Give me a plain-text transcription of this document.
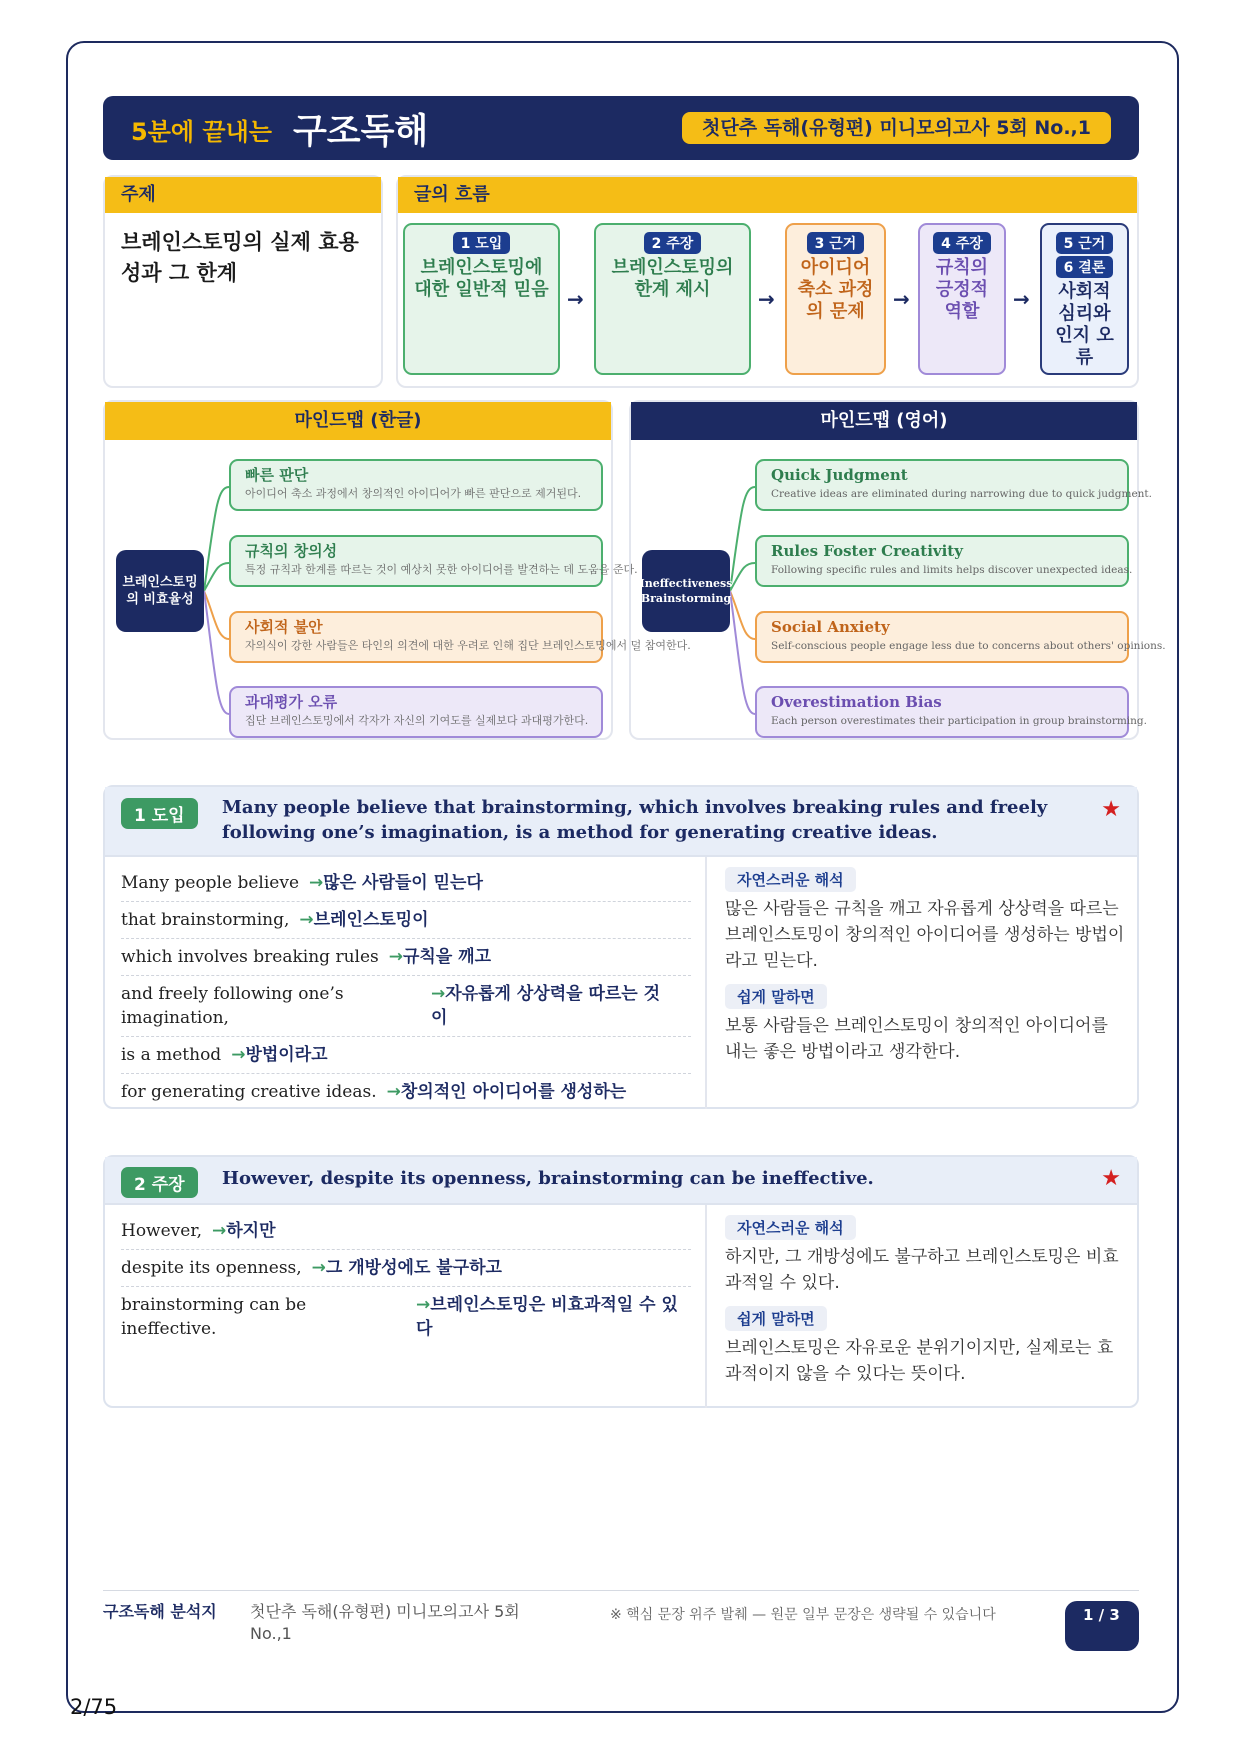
5분에 끝내는 구조독해	첫단추 독해(유형편) 미니모의고사 5회 No.,1
주제
브레인스토밍의 실제 효용 성과 그 한계
글의 흐름
1 도입
브레인스토밍에 대한 일반적 믿음 →
2 주장
브레인스토밍의 한계 제시	→
3 근거
아이디어 축소 과정의 문제
→
4 주장
규칙의 긍정적 역할
→
5 근거
6 결론
사회적 심리와 인지 오류
마인드맵 (한글)
브레인스토밍의 비효율성
빠른 판단
아이디어 축소 과정에서 창의적인 아이디어가 빠른 판단으로 제거된다.
규칙의 창의성
특정 규칙과 한계를 따르는 것이 예상치 못한 아이디어를 발견하는 데 도움을 준다.
사회적 불안
자의식이 강한 사람들은 타인의 의견에 대한 우려로 인해 집단 브레인스토밍에서 덜 참여한다.
과대평가 오류
집단 브레인스토밍에서 각자가 자신의 기여도를 실제보다 과대평가한다.
마인드맵 (영어)
Ineffectiveness Brainstorming
Quick Judgment
Creative ideas are eliminated during narrowing due to quick judgment.
Rules Foster Creativity
Following specific rules and limits helps discover unexpected ideas.
Social Anxiety
Self-conscious people engage less due to concerns about others' opinions.
Overestimation Bias
Each person overestimates their participation in group brainstorming.
1 도입	Many people believe that brainstorming, which involves breaking rules and freely following one’s imagination, is a method for generating creative ideas.
★
Many people believe →많은 사람들이 믿는다
that brainstorming, →브레인스토밍이
which involves breaking rules →규칙을 깨고
and freely following one’s imagination,
→자유롭게 상상력을 따르는 것이
is a method →방법이라고
for generating creative ideas. →창의적인 아이디어를 생성하는
자연스러운 해석
많은 사람들은 규칙을 깨고 자유롭게 상상력을 따르는 브레인스토밍이 창의적인 아이디어를 생성하는 방법이라고 믿는다.
쉽게 말하면
보통 사람들은 브레인스토밍이 창의적인 아이디어를 내는 좋은 방법이라고 생각한다.
2 주장	However, despite its openness, brainstorming can be ineffective.	★
However, →하지만
despite its openness, →그 개방성에도 불구하고
brainstorming can be ineffective.
→브레인스토밍은 비효과적일 수 있다
자연스러운 해석
하지만, 그 개방성에도 불구하고 브레인스토밍은 비효과적일 수 있다.
쉽게 말하면
브레인스토밍은 자유로운 분위기이지만, 실제로는 효과적이지 않을 수 있다는 뜻이다.
구조독해 분석지	첫단추 독해(유형편) 미니모의고사 5회 No.,1
※ 핵심 문장 위주 발췌 — 원문 일부 문장은 생략될 수 있습니다	1 / 3
2/75
